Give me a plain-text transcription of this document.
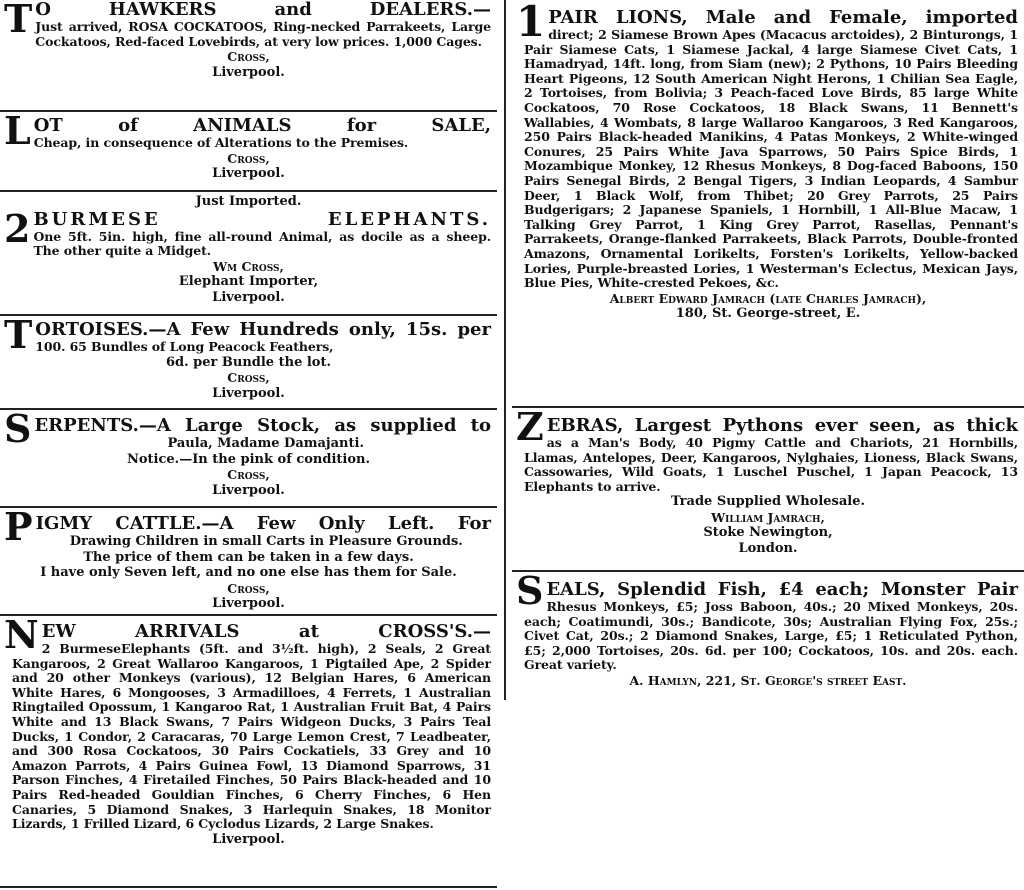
T O HAWKERS and DEALERS.—
Just arrived, ROSA COCKATOOS, Ring-necked Parrakeets, Large Cockatoos, Red-faced Lovebirds, at very low prices. 1,000 Cages.
Cross,
Liverpool.
L OT of ANIMALS for SALE,
Cheap, in consequence of Alterations to the Premises.
Cross,
Liverpool.
Just Imported.
2 BURMESE ELEPHANTS.
One 5ft. 5in. high, fine all-round Animal, as docile as a sheep. The other quite a Midget.
Wm Cross,
Elephant Importer,
Liverpool.
T ORTOISES.—A Few Hundreds only, 15s. per
100. 65 Bundles of Long Peacock Feathers,
6d. per Bundle the lot.
Cross,
Liverpool.
S ERPENTS.—A Large Stock, as supplied to
Paula, Madame Damajanti.
Notice.—In the pink of condition.
Cross,
Liverpool.
P IGMY CATTLE.—A Few Only Left. For
Drawing Children in small Carts in Pleasure Grounds.
The price of them can be taken in a few days.
I have only Seven left, and no one else has them for Sale.
Cross,
Liverpool.
N EW ARRIVALS at CROSS'S.—
2 BurmeseElephants (5ft. and 3½ft. high), 2 Seals, 2 Great Kangaroos, 2 Great Wallaroo Kangaroos, 1 Pigtailed Ape, 2 Spider and 20 other Monkeys (various), 12 Belgian Hares, 6 American White Hares, 6 Mongooses, 3 Armadilloes, 4 Ferrets, 1 Australian Ringtailed Opossum, 1 Kangaroo Rat, 1 Australian Fruit Bat, 4 Pairs White and 13 Black Swans, 7 Pairs Widgeon Ducks, 3 Pairs Teal Ducks, 1 Condor, 2 Caracaras, 70 Large Lemon Crest, 7 Leadbeater, and 300 Rosa Cockatoos, 30 Pairs Cockatiels, 33 Grey and 10 Amazon Parrots, 4 Pairs Guinea Fowl, 13 Diamond Sparrows, 31 Parson Finches, 4 Firetailed Finches, 50 Pairs Black-headed and 10 Pairs Red-headed Gouldian Finches, 6 Cherry Finches, 6 Hen Canaries, 5 Diamond Snakes, 3 Harlequin Snakes, 18 Monitor Lizards, 1 Frilled Lizard, 6 Cyclodus Lizards, 2 Large Snakes.
Liverpool.
1 PAIR LIONS, Male and Female, imported
direct; 2 Siamese Brown Apes (Macacus arctoides), 2 Binturongs, 1 Pair Siamese Cats, 1 Siamese Jackal, 4 large Siamese Civet Cats, 1 Hamadryad, 14ft. long, from Siam (new); 2 Pythons, 10 Pairs Bleeding Heart Pigeons, 12 South American Night Herons, 1 Chilian Sea Eagle, 2 Tortoises, from Bolivia; 3 Peach-faced Love Birds, 85 large White Cockatoos, 70 Rose Cockatoos, 18 Black Swans, 11 Bennett's Wallabies, 4 Wombats, 8 large Wallaroo Kangaroos, 3 Red Kangaroos, 250 Pairs Black-headed Manikins, 4 Patas Monkeys, 2 White-winged Conures, 25 Pairs White Java Sparrows, 50 Pairs Spice Birds, 1 Mozambique Monkey, 12 Rhesus Monkeys, 8 Dog-faced Baboons, 150 Pairs Senegal Birds, 2 Bengal Tigers, 3 Indian Leopards, 4 Sambur Deer, 1 Black Wolf, from Thibet; 20 Grey Parrots, 25 Pairs Budgerigars; 2 Japanese Spaniels, 1 Hornbill, 1 All-Blue Macaw, 1 Talking Grey Parrot, 1 King Grey Parrot, Rasellas, Pennant's Parrakeets, Orange-flanked Parrakeets, Black Parrots, Double-fronted Amazons, Ornamental Lorikelts, Forsten's Lorikelts, Yellow-backed Lories, Purple-breasted Lories, 1 Westerman's Eclectus, Mexican Jays, Blue Pies, White-crested Pekoes, &c.
Albert Edward Jamrach (late Charles Jamrach),
180, St. George-street, E.
Z EBRAS, Largest Pythons ever seen, as thick
as a Man's Body, 40 Pigmy Cattle and Chariots, 21 Hornbills, Llamas, Antelopes, Deer, Kangaroos, Nylghaies, Lioness, Black Swans, Cassowaries, Wild Goats, 1 Luschel Puschel, 1 Japan Peacock, 13 Elephants to arrive.
Trade Supplied Wholesale.
William Jamrach,
Stoke Newington,
London.
S EALS, Splendid Fish, £4 each; Monster Pair
Rhesus Monkeys, £5; Joss Baboon, 40s.; 20 Mixed Monkeys, 20s. each; Coatimundi, 30s.; Bandicote, 30s; Australian Flying Fox, 25s.; Civet Cat, 20s.; 2 Diamond Snakes, Large, £5; 1 Reticulated Python, £5; 2,000 Tortoises, 20s. 6d. per 100; Cockatoos, 10s. and 20s. each. Great variety.
A. Hamlyn, 221, St. George's street East.
